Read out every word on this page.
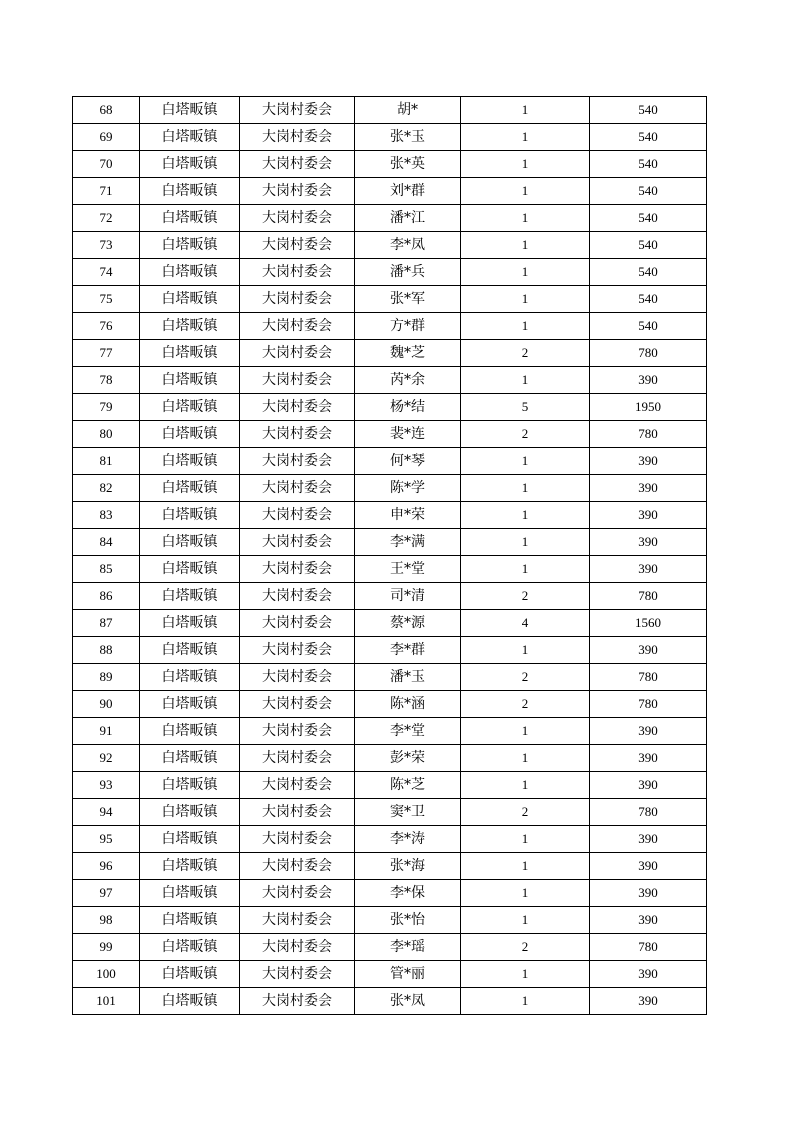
68	白塔畈镇	大岗村委会	胡*	1	540
69	白塔畈镇	大岗村委会	张*玉	1	540
70	白塔畈镇	大岗村委会	张*英	1	540
71	白塔畈镇	大岗村委会	刘*群	1	540
72	白塔畈镇	大岗村委会	潘*江	1	540
73	白塔畈镇	大岗村委会	李*凤	1	540
74	白塔畈镇	大岗村委会	潘*兵	1	540
75	白塔畈镇	大岗村委会	张*军	1	540
76	白塔畈镇	大岗村委会	方*群	1	540
77	白塔畈镇	大岗村委会	魏*芝	2	780
78	白塔畈镇	大岗村委会	芮*余	1	390
79	白塔畈镇	大岗村委会	杨*结	5	1950
80	白塔畈镇	大岗村委会	裴*连	2	780
81	白塔畈镇	大岗村委会	何*琴	1	390
82	白塔畈镇	大岗村委会	陈*学	1	390
83	白塔畈镇	大岗村委会	申*荣	1	390
84	白塔畈镇	大岗村委会	李*满	1	390
85	白塔畈镇	大岗村委会	王*堂	1	390
86	白塔畈镇	大岗村委会	司*清	2	780
87	白塔畈镇	大岗村委会	蔡*源	4	1560
88	白塔畈镇	大岗村委会	李*群	1	390
89	白塔畈镇	大岗村委会	潘*玉	2	780
90	白塔畈镇	大岗村委会	陈*涵	2	780
91	白塔畈镇	大岗村委会	李*堂	1	390
92	白塔畈镇	大岗村委会	彭*荣	1	390
93	白塔畈镇	大岗村委会	陈*芝	1	390
94	白塔畈镇	大岗村委会	窦*卫	2	780
95	白塔畈镇	大岗村委会	李*涛	1	390
96	白塔畈镇	大岗村委会	张*海	1	390
97	白塔畈镇	大岗村委会	李*保	1	390
98	白塔畈镇	大岗村委会	张*怡	1	390
99	白塔畈镇	大岗村委会	李*瑶	2	780
100	白塔畈镇	大岗村委会	管*丽	1	390
101	白塔畈镇	大岗村委会	张*凤	1	390
